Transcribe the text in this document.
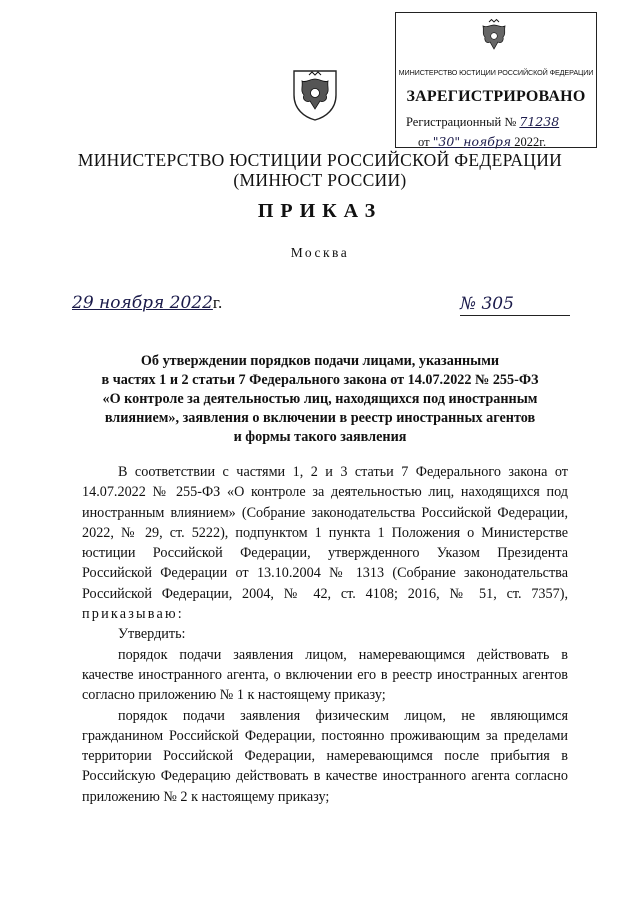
МИНИСТЕРСТВО ЮСТИЦИИ РОССИЙСКОЙ ФЕДЕРАЦИИ
ЗАРЕГИСТРИРОВАНО
Регистрационный № 71238
от "30" ноября 2022г.
МИНИСТЕРСТВО ЮСТИЦИИ РОССИЙСКОЙ ФЕДЕРАЦИИ
(МИНЮСТ РОССИИ)
ПРИКАЗ
Москва
29 ноября 2022г.	№ 305
Об утверждении порядков подачи лицами, указанными
в частях 1 и 2 статьи 7 Федерального закона от 14.07.2022 № 255-ФЗ
«О контроле за деятельностью лиц, находящихся под иностранным
влиянием», заявления о включении в реестр иностранных агентов
и формы такого заявления

В соответствии с частями 1, 2 и 3 статьи 7 Федерального закона от 14.07.2022 № 255-ФЗ «О контроле за деятельностью лиц, находящихся под иностранным влиянием» (Собрание законодательства Российской Федерации, 2022, № 29, ст. 5222), подпунктом 1 пункта 1 Положения о Министерстве юстиции Российской Федерации, утвержденного Указом Президента Российской Федерации от 13.10.2004 № 1313 (Собрание законодательства Российской Федерации, 2004, № 42, ст. 4108; 2016, № 51, ст. 7357), приказываю:

Утвердить:

порядок подачи заявления лицом, намеревающимся действовать в качестве иностранного агента, о включении его в реестр иностранных агентов согласно приложению № 1 к настоящему приказу;

порядок подачи заявления физическим лицом, не являющимся гражданином Российской Федерации, постоянно проживающим за пределами территории Российской Федерации, намеревающимся после прибытия в Российскую Федерацию действовать в качестве иностранного агента согласно приложению № 2 к настоящему приказу;
